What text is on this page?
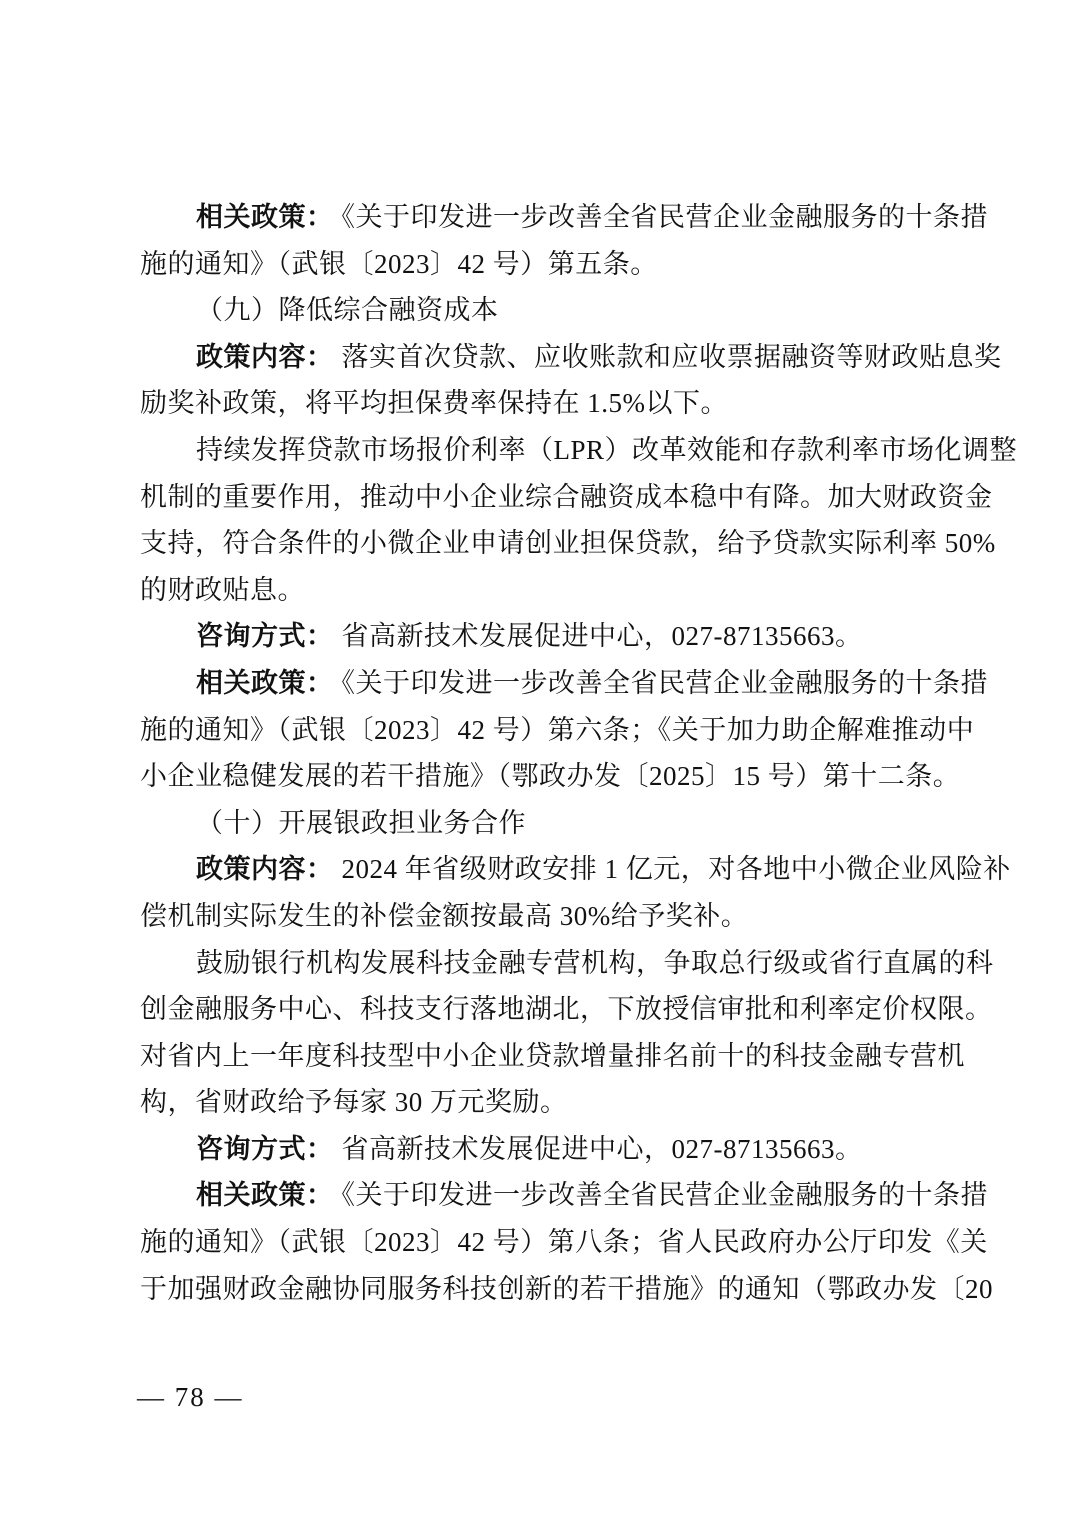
相关政策： 《关于印发进一步改善全省民营企业金融服务的十条措
施的通知》（武银〔2023〕42 号）第五条。
（九）降低综合融资成本
政策内容： 落实首次贷款、应收账款和应收票据融资等财政贴息奖
励奖补政策，将平均担保费率保持在 1.5%以下。
持续发挥贷款市场报价利率（LPR）改革效能和存款利率市场化调整
机制的重要作用，推动中小企业综合融资成本稳中有降。加大财政资金
支持，符合条件的小微企业申请创业担保贷款，给予贷款实际利率 50%
的财政贴息。
咨询方式： 省高新技术发展促进中心，027-87135663。
相关政策： 《关于印发进一步改善全省民营企业金融服务的十条措
施的通知》（武银〔2023〕42 号）第六条；《关于加力助企解难推动中
小企业稳健发展的若干措施》（鄂政办发〔2025〕15 号）第十二条。
（十）开展银政担业务合作
政策内容： 2024 年省级财政安排 1 亿元，对各地中小微企业风险补
偿机制实际发生的补偿金额按最高 30%给予奖补。
鼓励银行机构发展科技金融专营机构，争取总行级或省行直属的科
创金融服务中心、科技支行落地湖北，下放授信审批和利率定价权限。
对省内上一年度科技型中小企业贷款增量排名前十的科技金融专营机
构，省财政给予每家 30 万元奖励。
咨询方式： 省高新技术发展促进中心，027-87135663。
相关政策： 《关于印发进一步改善全省民营企业金融服务的十条措
施的通知》（武银〔2023〕42 号）第八条；省人民政府办公厅印发《关
于加强财政金融协同服务科技创新的若干措施》的通知（鄂政办发〔20
— 78 —
